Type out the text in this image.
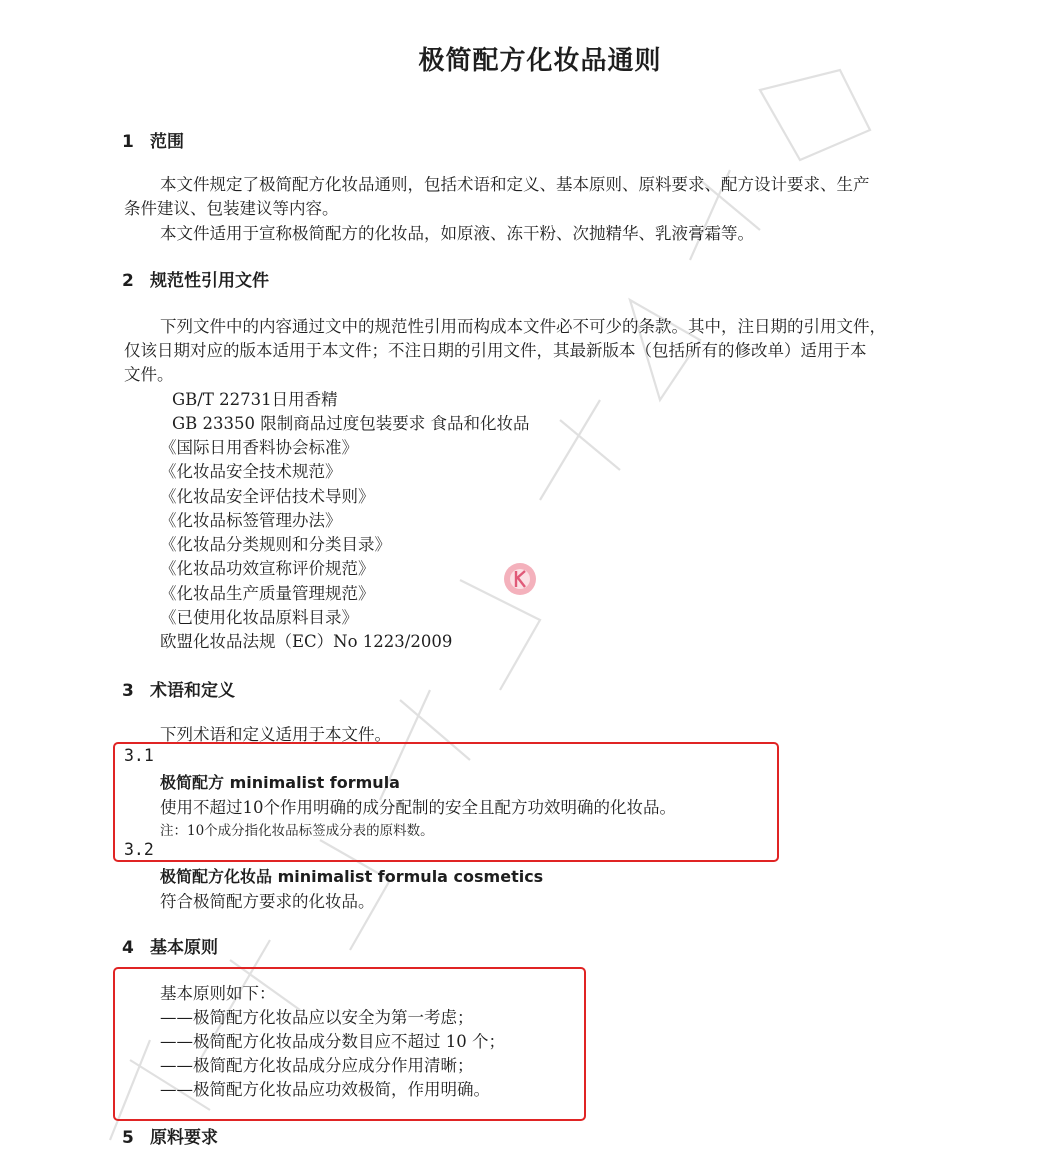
极简配方化妆品通则
1 范围
本文件规定了极简配方化妆品通则，包括术语和定义、基本原则、原料要求、配方设计要求、生产
条件建议、包装建议等内容。
本文件适用于宣称极简配方的化妆品，如原液、冻干粉、次抛精华、乳液膏霜等。
2 规范性引用文件
下列文件中的内容通过文中的规范性引用而构成本文件必不可少的条款。其中，注日期的引用文件，
仅该日期对应的版本适用于本文件；不注日期的引用文件，其最新版本（包括所有的修改单）适用于本
文件。
GB/T 22731日用香精
GB 23350 限制商品过度包装要求 食品和化妆品
《国际日用香料协会标准》
《化妆品安全技术规范》
《化妆品安全评估技术导则》
《化妆品标签管理办法》
《化妆品分类规则和分类目录》
《化妆品功效宣称评价规范》
《化妆品生产质量管理规范》
《已使用化妆品原料目录》
欧盟化妆品法规（EC）No 1223/2009
3 术语和定义
下列术语和定义适用于本文件。
3.1
极简配方 minimalist formula
使用不超过10个作用明确的成分配制的安全且配方功效明确的化妆品。
注：10个成分指化妆品标签成分表的原料数。
3.2
极简配方化妆品 minimalist formula cosmetics
符合极简配方要求的化妆品。
4 基本原则
基本原则如下：
——极简配方化妆品应以安全为第一考虑；
——极简配方化妆品成分数目应不超过 10 个；
——极简配方化妆品成分应成分作用清晰；
——极简配方化妆品应功效极简，作用明确。
5 原料要求
